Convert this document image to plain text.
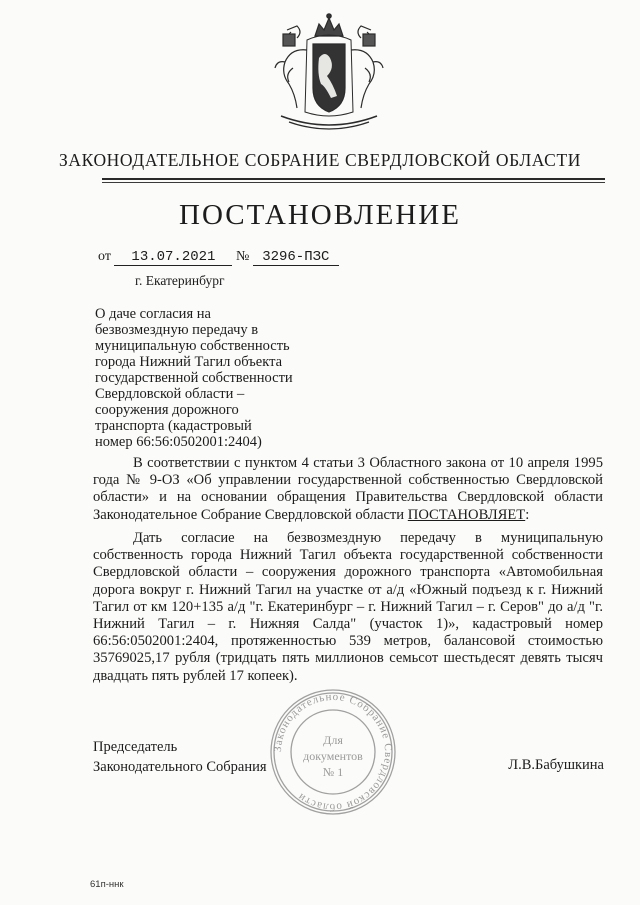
ЗАКОНОДАТЕЛЬНОЕ СОБРАНИЕ СВЕРДЛОВСКОЙ ОБЛАСТИ
ПОСТАНОВЛЕНИЕ
от 13.07.2021 № 3296-ПЗС
г. Екатеринбург
О даче согласия на
безвозмездную передачу в
муниципальную собственность
города Нижний Тагил объекта
государственной собственности
Свердловской области –
сооружения дорожного
транспорта (кадастровый
номер 66:56:0502001:2404)
В соответствии с пунктом 4 статьи 3 Областного закона от 10 апреля 1995 года № 9-ОЗ «Об управлении государственной собственностью Свердловской области» и на основании обращения Правительства Свердловской области Законодательное Собрание Свердловской области ПОСТАНОВЛЯЕТ:
Дать согласие на безвозмездную передачу в муниципальную собственность города Нижний Тагил объекта государственной собственности Свердловской области – сооружения дорожного транспорта «Автомобильная дорога вокруг г. Нижний Тагил на участке от а/д «Южный подъезд к г. Нижний Тагил от км 120+135 а/д "г. Екатеринбург – г. Нижний Тагил – г. Серов" до а/д "г. Нижний Тагил – г. Нижняя Салда" (участок 1)», кадастровый номер 66:56:0502001:2404, протяженностью 539 метров, балансовой стоимостью 35769025,17 рубля (тридцать пять миллионов семьсот шестьдесят девять тысяч двадцать пять рублей 17 копеек).
Председатель
Законодательного Собрания	Л.В.Бабушкина
Законодательное Собрание Свердловской области
Для
документов
№ 1
61п-ннк
